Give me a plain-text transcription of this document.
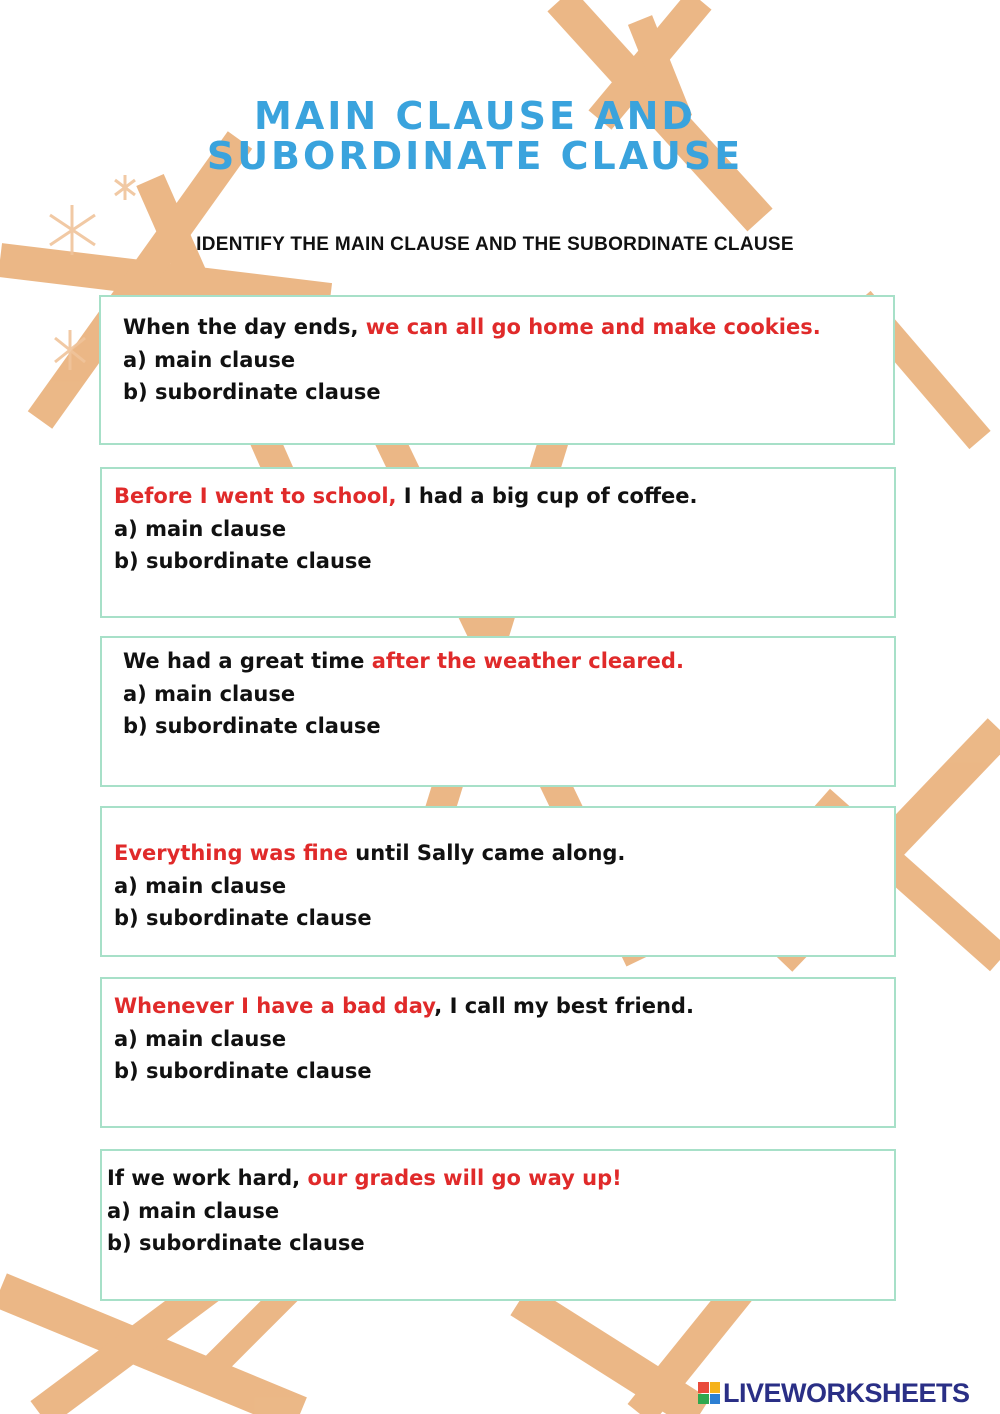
MAIN CLAUSE AND
SUBORDINATE CLAUSE
IDENTIFY THE MAIN CLAUSE AND THE SUBORDINATE CLAUSE
When the day ends, we can all go home and make cookies.
a) main clause
b) subordinate clause
Before I went to school, I had a big cup of coffee.
a) main clause
b) subordinate clause
We had a great time after the weather cleared.
a) main clause
b) subordinate clause
Everything was fine until Sally came along.
a) main clause
b) subordinate clause
Whenever I have a bad day, I call my best friend.
a) main clause
b) subordinate clause
If we work hard, our grades will go way up!
a) main clause
b) subordinate clause
LIVEWORKSHEETS
